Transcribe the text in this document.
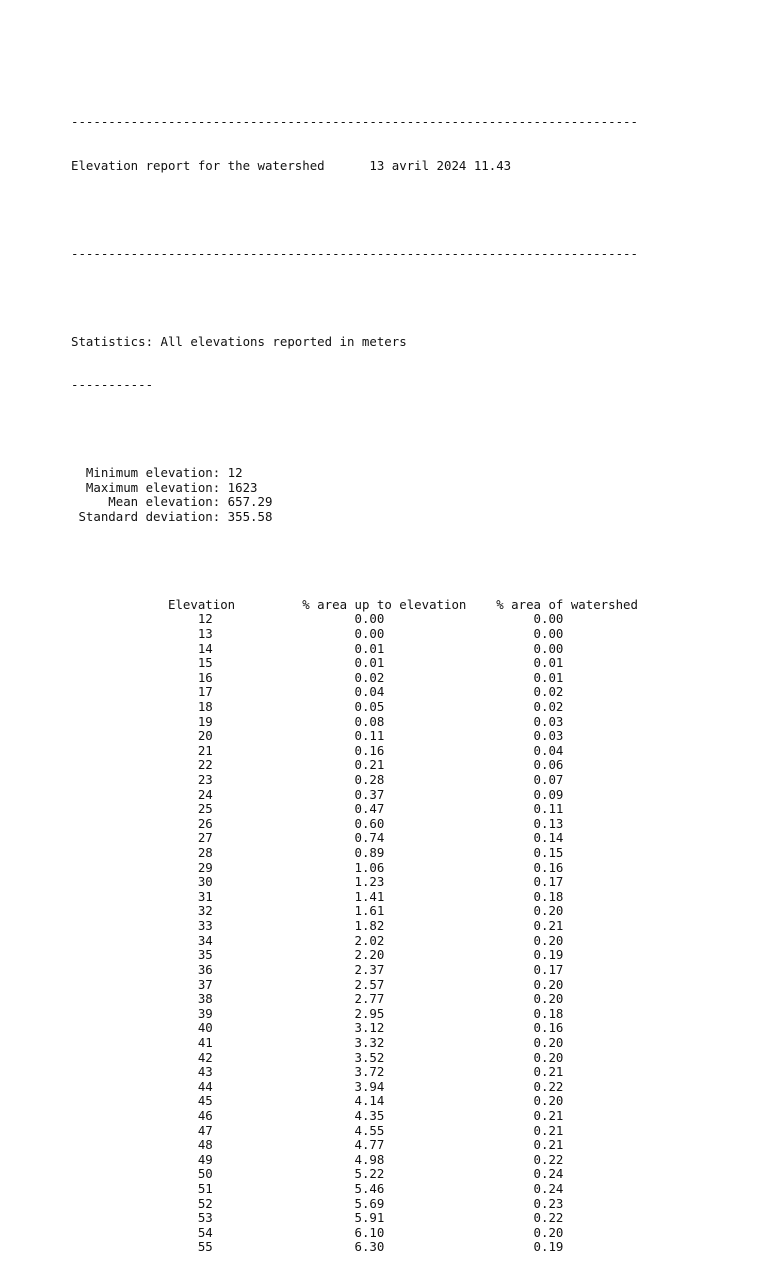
----------------------------------------------------------------------------

Elevation report for the watershed	13 avril 2024 11.43

----------------------------------------------------------------------------

Statistics: All elevations reported in meters

-----------

Minimum elevation: 12
Maximum elevation: 1623
Mean elevation: 657.29
Standard deviation: 355.58

Elevation	% area up to elevation % area of watershed
12                   0.00                    0.00
13                   0.00                    0.00
14                   0.01                    0.00
15                   0.01                    0.01
16                   0.02                    0.01
17                   0.04                    0.02
18                   0.05                    0.02
19                   0.08                    0.03
20                   0.11                    0.03
21                   0.16                    0.04
22                   0.21                    0.06
23                   0.28                    0.07
24                   0.37                    0.09
25                   0.47                    0.11
26                   0.60                    0.13
27                   0.74                    0.14
28                   0.89                    0.15
29                   1.06                    0.16
30                   1.23                    0.17
31                   1.41                    0.18
32                   1.61                    0.20
33                   1.82                    0.21
34                   2.02                    0.20
35                   2.20                    0.19
36                   2.37                    0.17
37                   2.57                    0.20
38                   2.77                    0.20
39                   2.95                    0.18
40                   3.12                    0.16
41                   3.32                    0.20
42                   3.52                    0.20
43                   3.72                    0.21
44                   3.94                    0.22
45                   4.14                    0.20
46                   4.35                    0.21
47                   4.55                    0.21
48                   4.77                    0.21
49                   4.98                    0.22
50                   5.22                    0.24
51                   5.46                    0.24
52                   5.69                    0.23
53                   5.91                    0.22
54                   6.10                    0.20
55                   6.30                    0.19
